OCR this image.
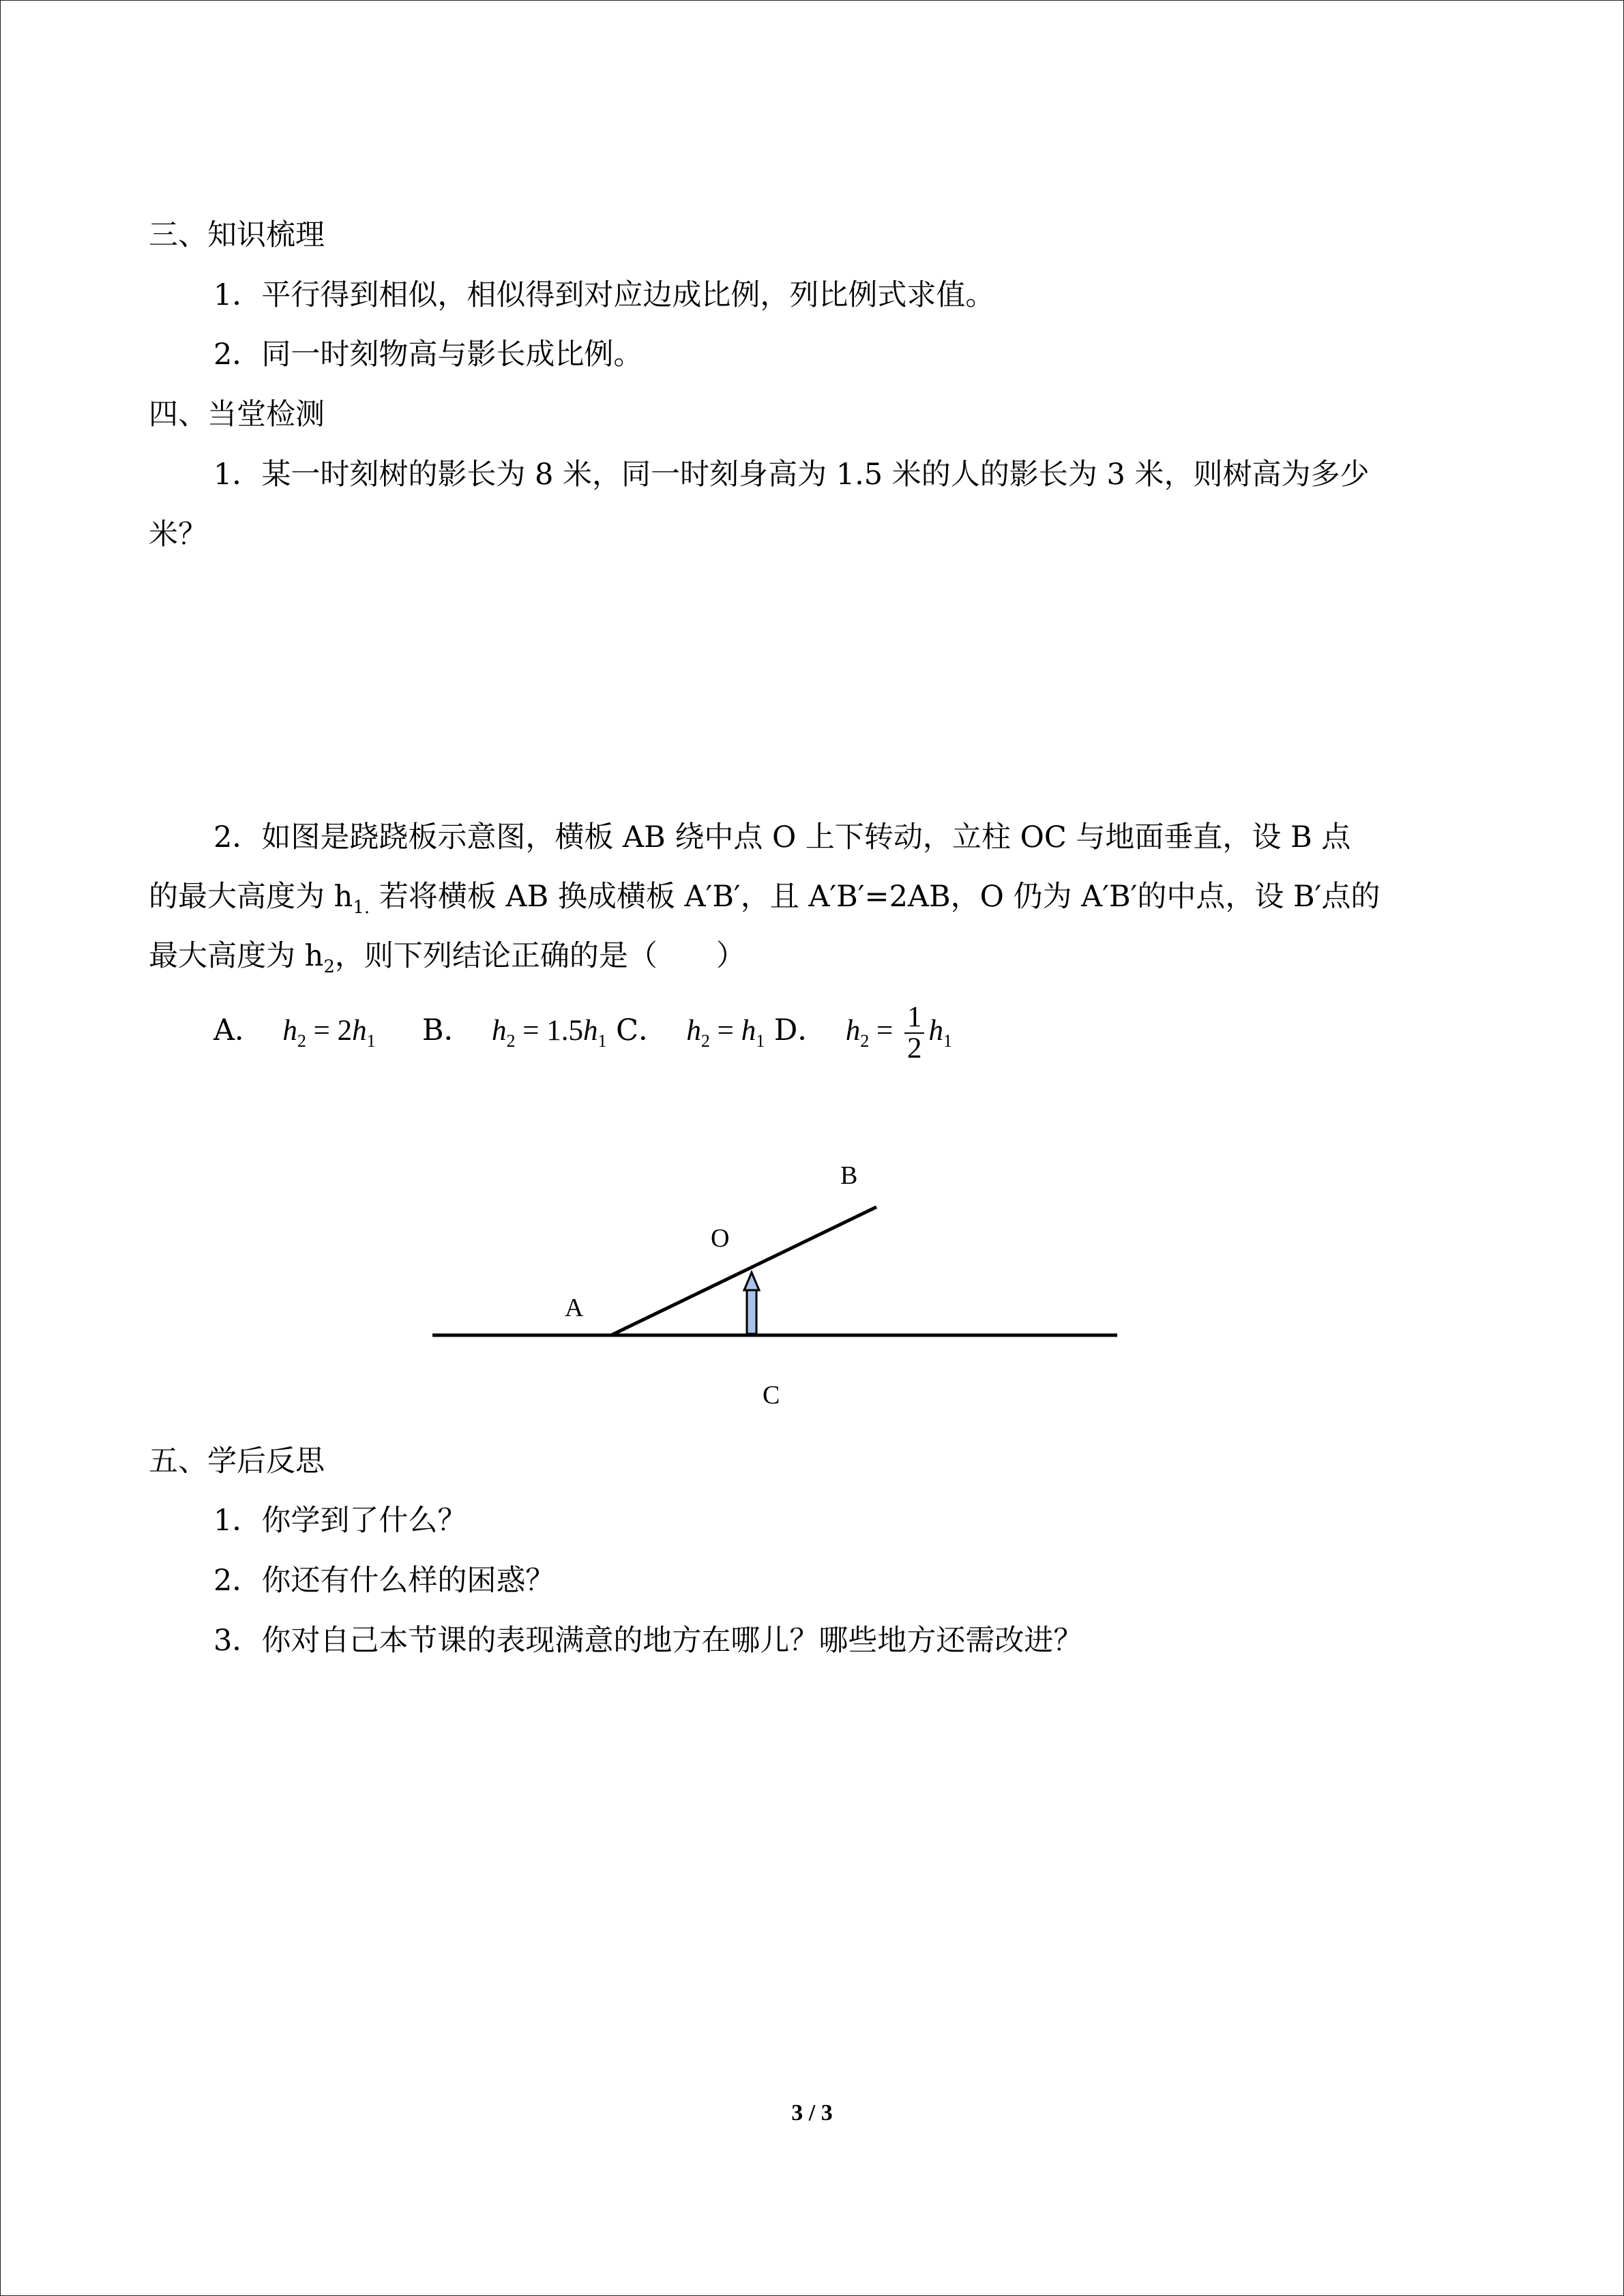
三、知识梳理
1．平行得到相似，相似得到对应边成比例，列比例式求值。
2．同一时刻物高与影长成比例。
四、当堂检测
1．某一时刻树的影长为 8 米，同一时刻身高为 1.5 米的人的影长为 3 米，则树高为多少
米？
2．如图是跷跷板示意图，横板 AB 绕中点 O 上下转动，立柱 OC 与地面垂直，设 B 点
的最大高度为 $h_{1.}$ 若将横板 AB 换成横板 A′B′，且 A′B′=2AB，O 仍为 A′B′的中点，设 B′点的
最大高度为 $h_2$，则下列结论正确的是（　　）
A． $h_2 = 2h_1$ B． $h_2 = 1.5h_1$ C． $h_2 = h_1$ D． $h_2 = \frac{1}{2} h_1$
A
B
O
C
五、学后反思
1．你学到了什么？
2．你还有什么样的困惑？
3．你对自己本节课的表现满意的地方在哪儿？哪些地方还需改进？
3 / 3
